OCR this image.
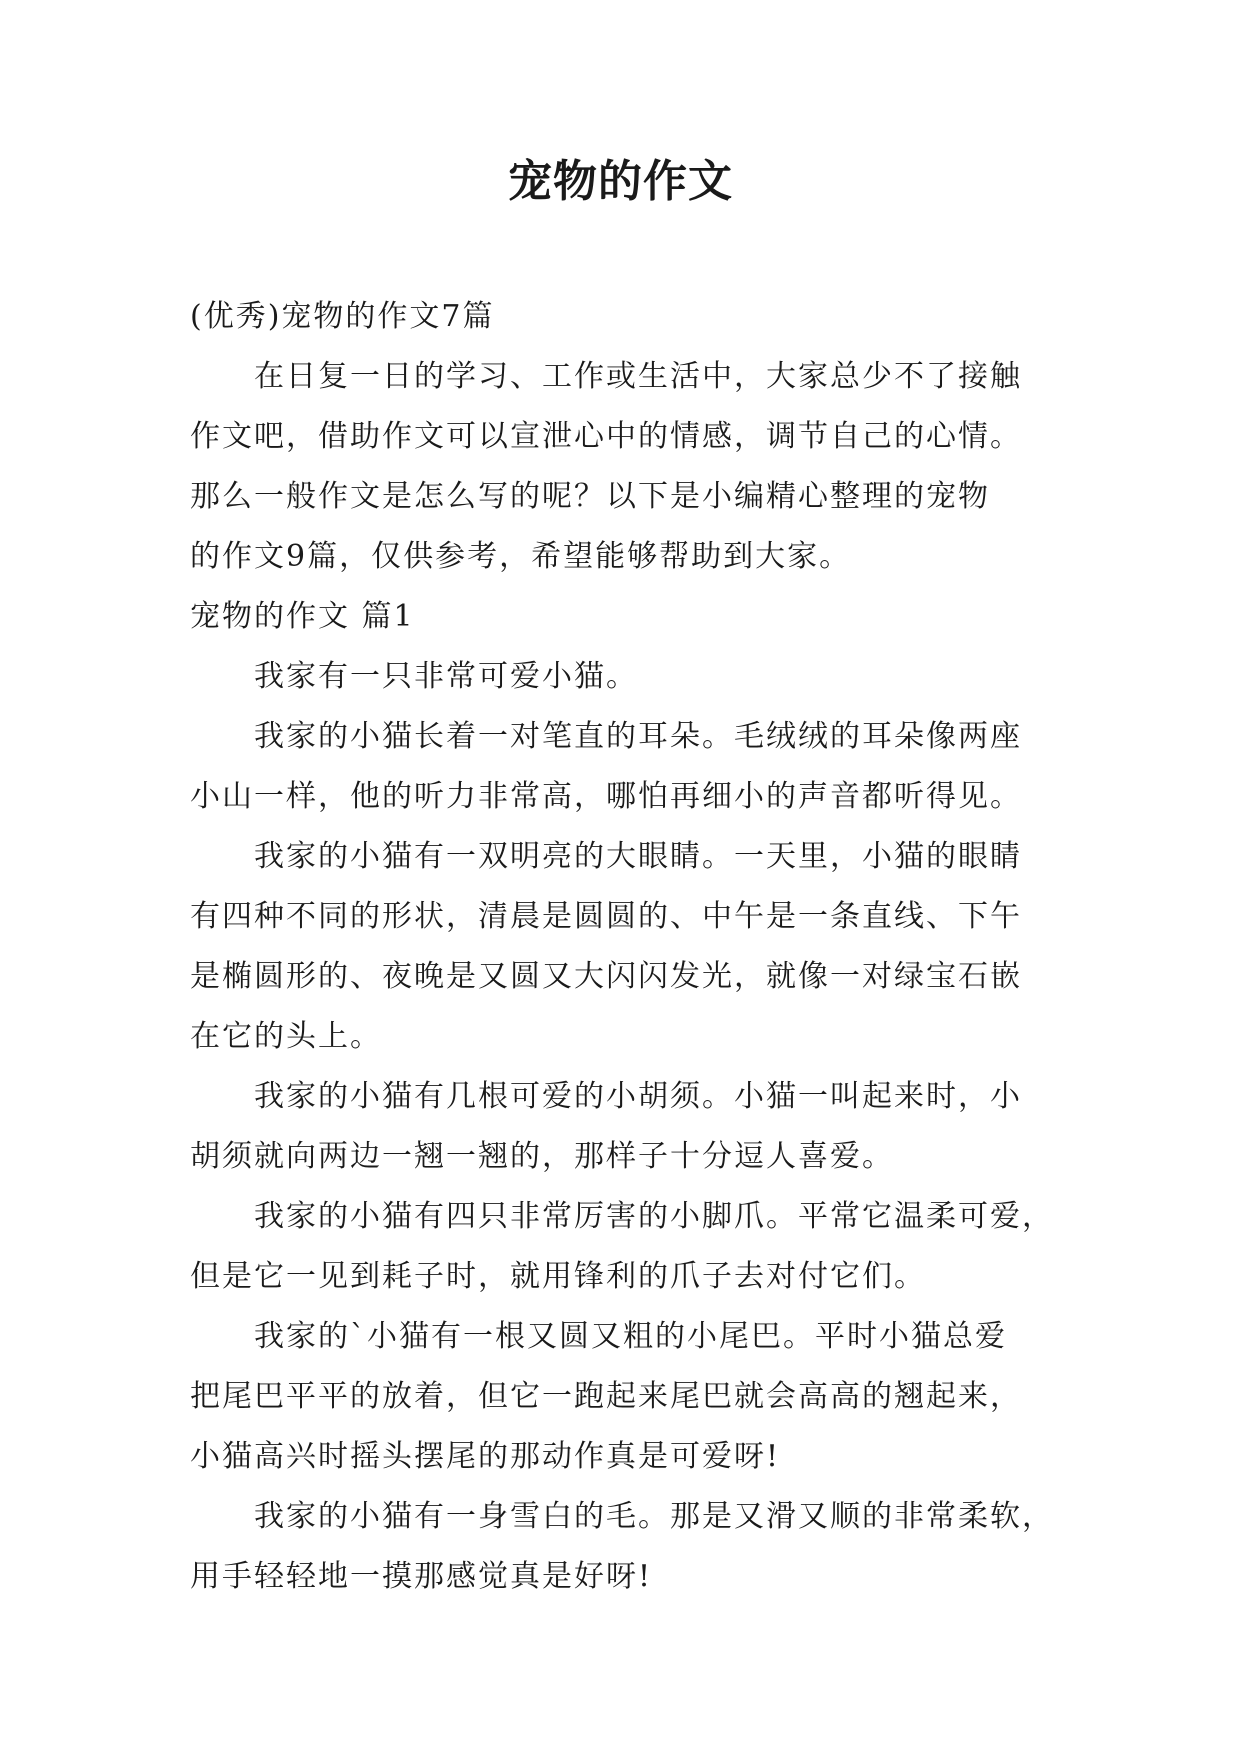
宠物的作文
(优秀)宠物的作文7篇
在日复一日的学习、工作或生活中，大家总少不了接触
作文吧，借助作文可以宣泄心中的情感，调节自己的心情。
那么一般作文是怎么写的呢？以下是小编精心整理的宠物
的作文9篇，仅供参考，希望能够帮助到大家。
宠物的作文 篇1
我家有一只非常可爱小猫。
我家的小猫长着一对笔直的耳朵。毛绒绒的耳朵像两座
小山一样，他的听力非常高，哪怕再细小的声音都听得见。
我家的小猫有一双明亮的大眼睛。一天里，小猫的眼睛
有四种不同的形状，清晨是圆圆的、中午是一条直线、下午
是椭圆形的、夜晚是又圆又大闪闪发光，就像一对绿宝石嵌
在它的头上。
我家的小猫有几根可爱的小胡须。小猫一叫起来时，小
胡须就向两边一翘一翘的，那样子十分逗人喜爱。
我家的小猫有四只非常厉害的小脚爪。平常它温柔可爱，
但是它一见到耗子时，就用锋利的爪子去对付它们。
我家的`小猫有一根又圆又粗的小尾巴。平时小猫总爱
把尾巴平平的放着，但它一跑起来尾巴就会高高的翘起来，
小猫高兴时摇头摆尾的那动作真是可爱呀!
我家的小猫有一身雪白的毛。那是又滑又顺的非常柔软，
用手轻轻地一摸那感觉真是好呀!
